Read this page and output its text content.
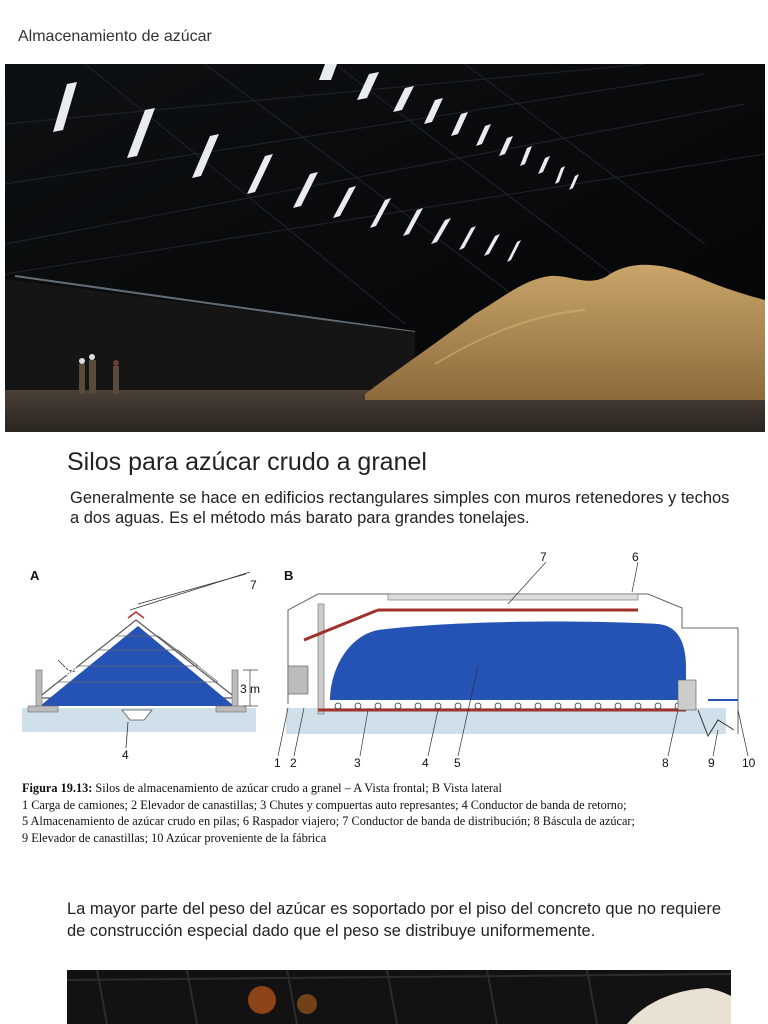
Almacenamiento de azúcar
Silos para azúcar crudo a granel
Generalmente se hace en edificios rectangulares simples con muros retenedores y techos a dos aguas. Es el método más barato para grandes tonelajes.
A	B
34º
3 m
7
4
1 2	3	4 5
6
7
8	9 10
Figura 19.13: Silos de almacenamiento de azúcar crudo a granel – A Vista frontal; B Vista lateral
1 Carga de camiones; 2 Elevador de canastillas; 3 Chutes y compuertas auto represantes; 4 Conductor de banda de retorno;
5 Almacenamiento de azúcar crudo en pilas; 6 Raspador viajero; 7 Conductor de banda de distribución; 8 Báscula de azúcar;
9 Elevador de canastillas; 10 Azúcar proveniente de la fábrica
La mayor parte del peso del azúcar es soportado por el piso del concreto que no requiere de construcción especial dado que el peso se distribuye uniformemente.
